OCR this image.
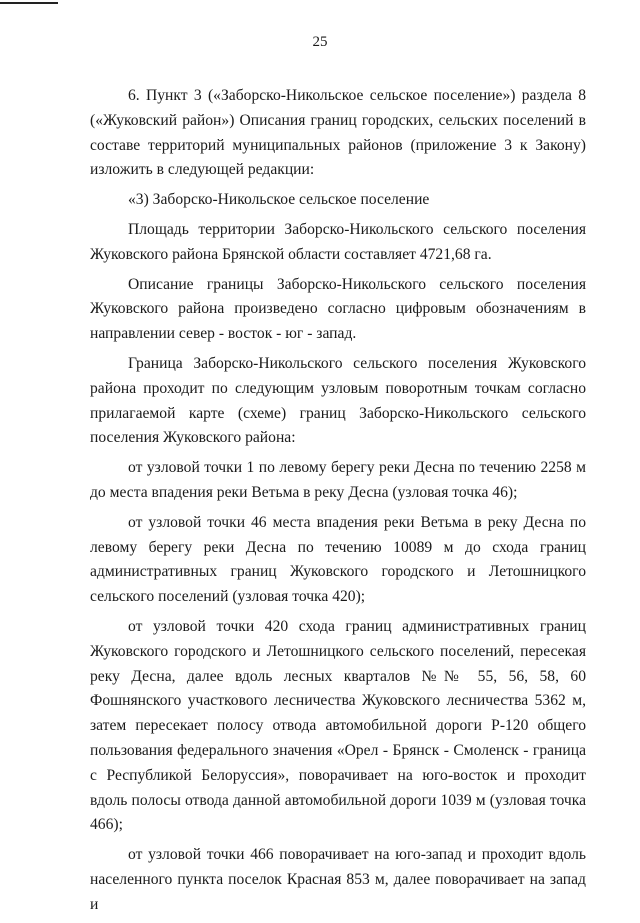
25

6. Пункт 3 («Заборско-Никольское сельское поселение») раздела 8 («Жуковский район») Описания границ городских, сельских поселений в составе территорий муниципальных районов (приложение 3 к Закону) изложить в следующей редакции:

«3) Заборско-Никольское сельское поселение

Площадь территории Заборско-Никольского сельского поселения Жуковского района Брянской области составляет 4721,68 га.

Описание границы Заборско-Никольского сельского поселения Жуковского района произведено согласно цифровым обозначениям в направлении север - восток - юг - запад.

Граница Заборско-Никольского сельского поселения Жуковского района проходит по следующим узловым поворотным точкам согласно прилагаемой карте (схеме) границ Заборско-Никольского сельского поселения Жуковского района:

от узловой точки 1 по левому берегу реки Десна по течению 2258 м до места впадения реки Ветьма в реку Десна (узловая точка 46);

от узловой точки 46 места впадения реки Ветьма в реку Десна по левому берегу реки Десна по течению 10089 м до схода границ административных границ Жуковского городского и Летошницкого сельского поселений (узловая точка 420);

от узловой точки 420 схода границ административных границ Жуковского городского и Летошницкого сельского поселений, пересекая реку Десна, далее вдоль лесных кварталов №№ 55, 56, 58, 60 Фошнянского участкового лесничества Жуковского лесничества 5362 м, затем пересекает полосу отвода автомобильной дороги Р-120 общего пользования федерального значения «Орел - Брянск - Смоленск - граница с Республикой Белоруссия», поворачивает на юго-восток и проходит вдоль полосы отвода данной автомобильной дороги 1039 м (узловая точка 466);

от узловой точки 466 поворачивает на юго-запад и проходит вдоль населенного пункта поселок Красная 853 м, далее поворачивает на запад и
